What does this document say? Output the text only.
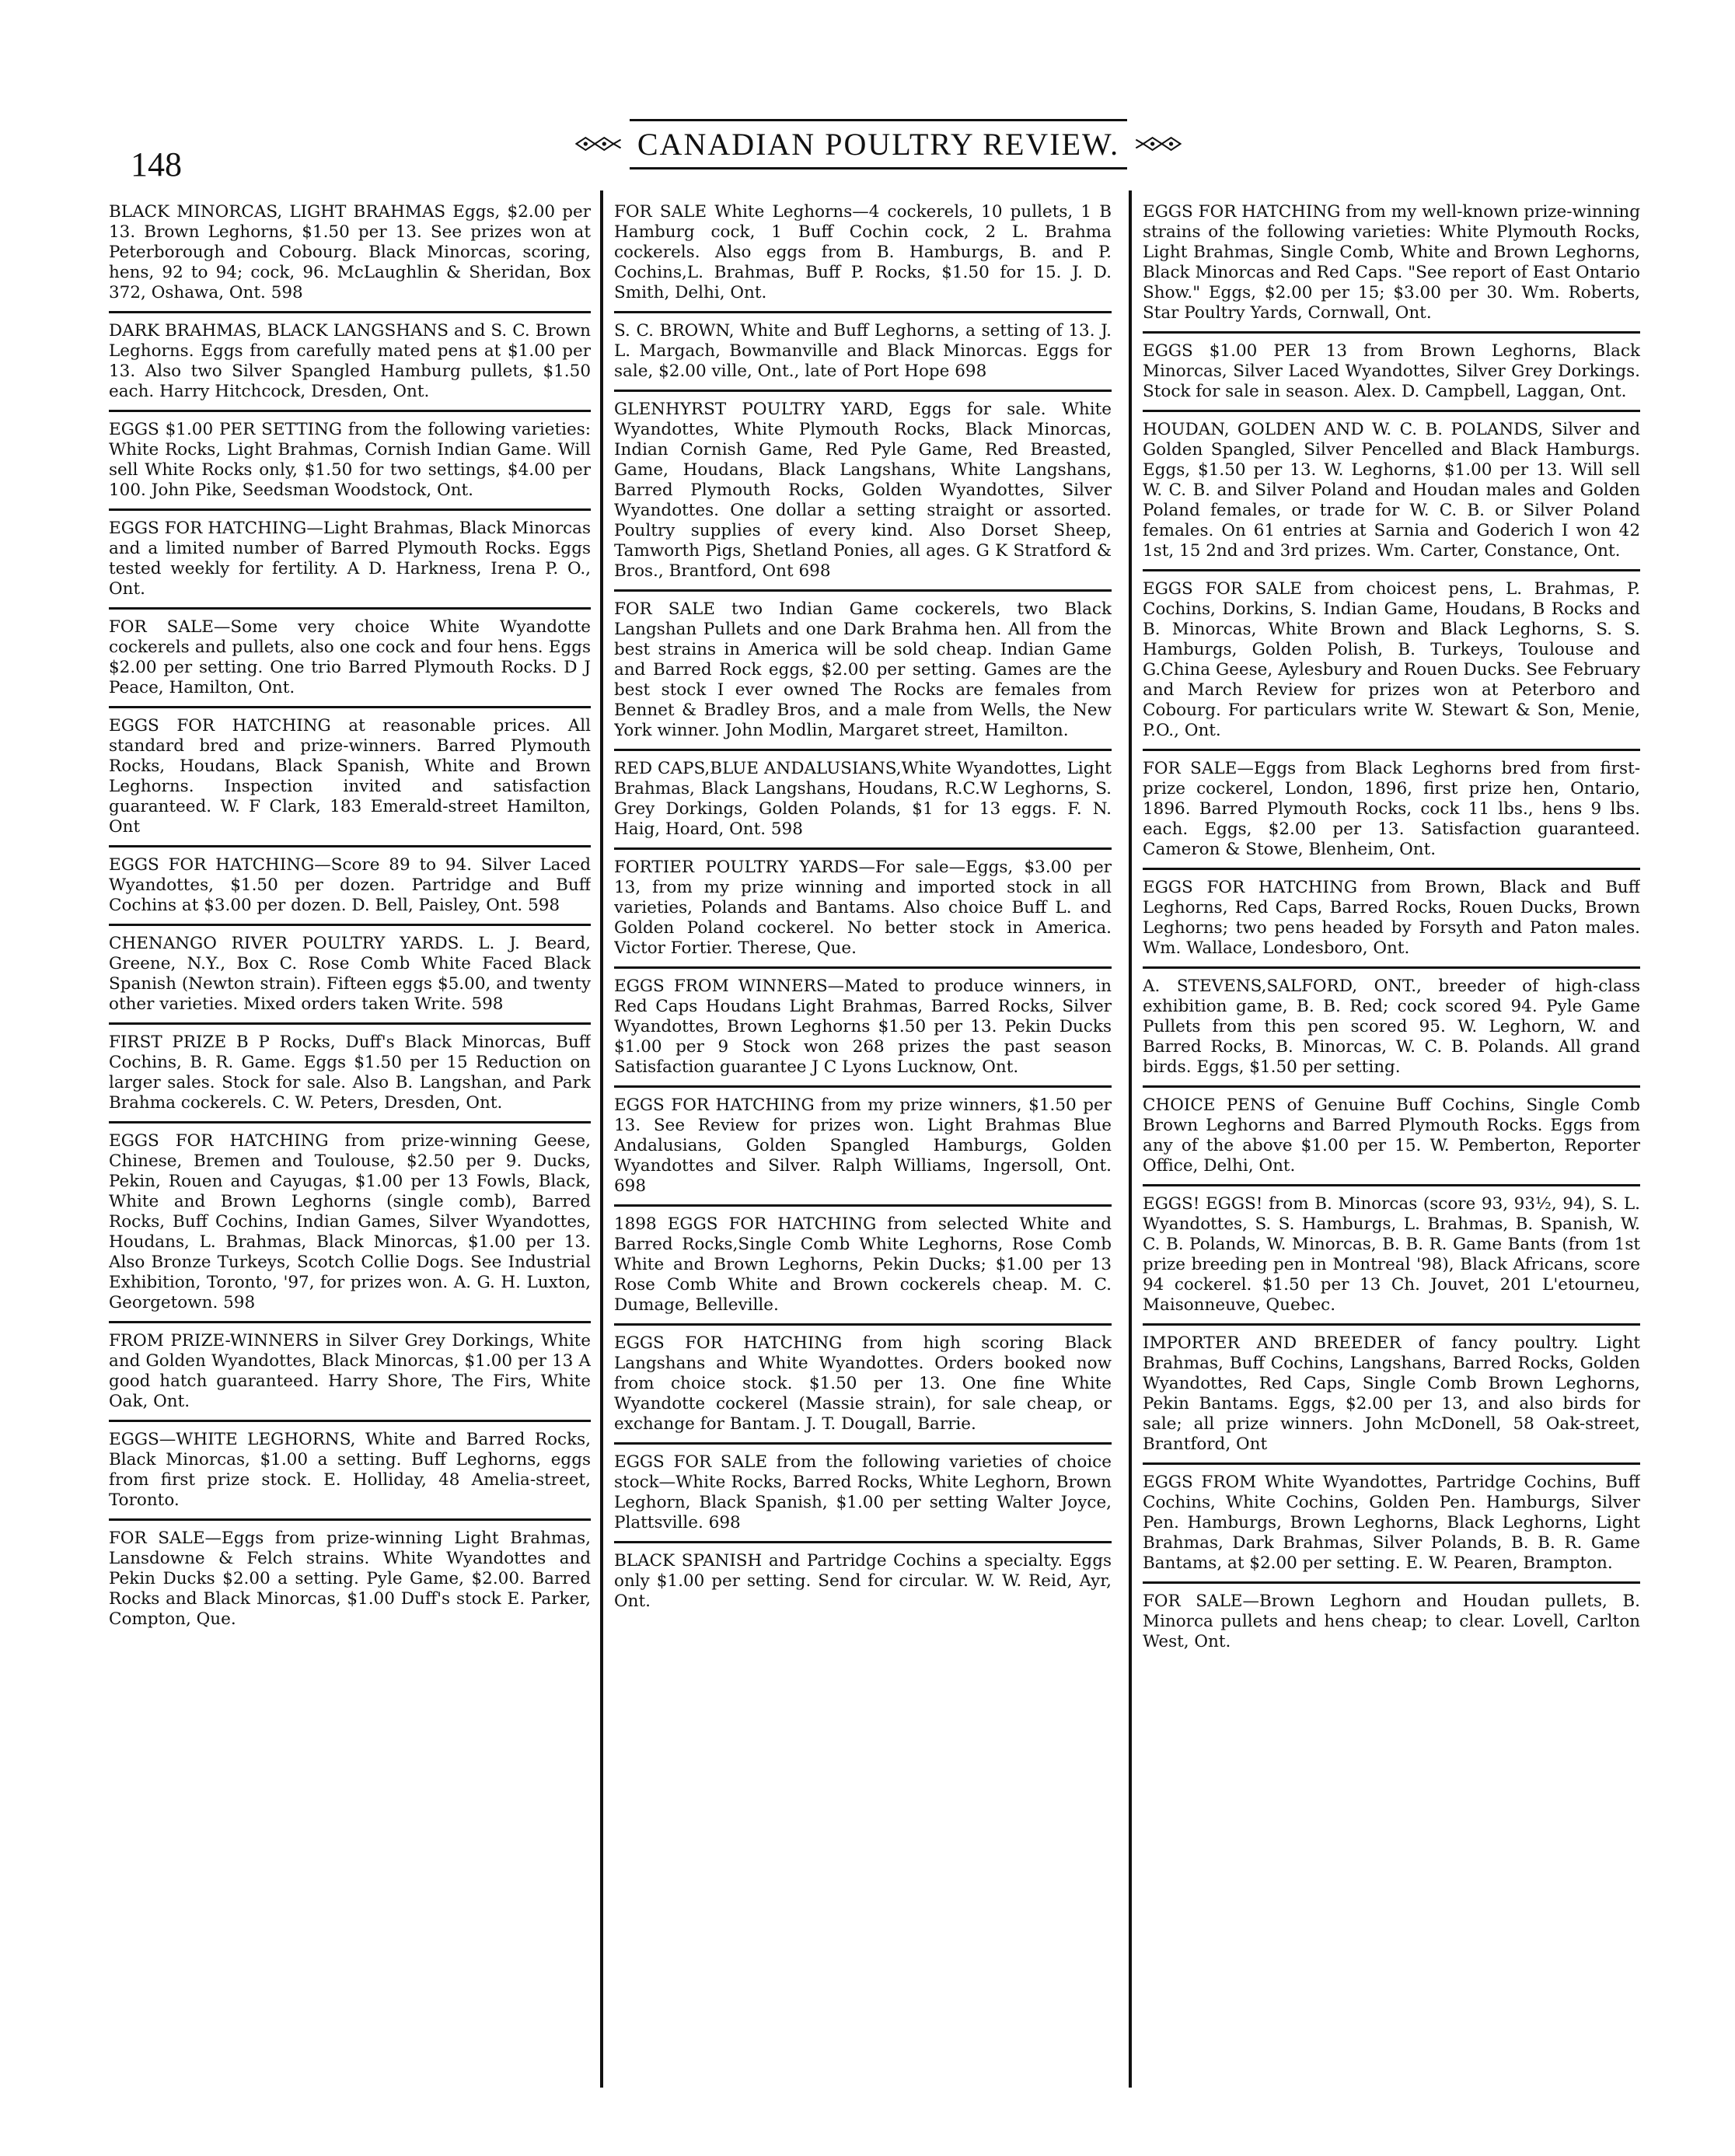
148
CANADIAN POULTRY REVIEW.

BLACK MINORCAS, LIGHT BRAHMAS Eggs, $2.00 per 13. Brown Leghorns, $1.50 per 13. See prizes won at Peterborough and Cobourg. Black Minorcas, scoring, hens, 92 to 94; cock, 96. McLaughlin & Sheridan, Box 372, Oshawa, Ont. 598

DARK BRAHMAS, BLACK LANGSHANS and S. C. Brown Leghorns. Eggs from carefully mated pens at $1.00 per 13. Also two Silver Spangled Hamburg pullets, $1.50 each. Harry Hitchcock, Dresden, Ont.

EGGS $1.00 PER SETTING from the following varieties: White Rocks, Light Brahmas, Cornish Indian Game. Will sell White Rocks only, $1.50 for two settings, $4.00 per 100. John Pike, Seedsman Woodstock, Ont.

EGGS FOR HATCHING—Light Brahmas, Black Minorcas and a limited number of Barred Plymouth Rocks. Eggs tested weekly for fertility. A D. Harkness, Irena P. O., Ont.

FOR SALE—Some very choice White Wyandotte cockerels and pullets, also one cock and four hens. Eggs $2.00 per setting. One trio Barred Plymouth Rocks. D J Peace, Hamilton, Ont.

EGGS FOR HATCHING at reasonable prices. All standard bred and prize-winners. Barred Plymouth Rocks, Houdans, Black Spanish, White and Brown Leghorns. Inspection invited and satisfaction guaranteed. W. F Clark, 183 Emerald-street Hamilton, Ont

EGGS FOR HATCHING—Score 89 to 94. Silver Laced Wyandottes, $1.50 per dozen. Partridge and Buff Cochins at $3.00 per dozen. D. Bell, Paisley, Ont. 598

CHENANGO RIVER POULTRY YARDS. L. J. Beard, Greene, N.Y., Box C. Rose Comb White Faced Black Spanish (Newton strain). Fifteen eggs $5.00, and twenty other varieties. Mixed orders taken Write. 598

FIRST PRIZE B P Rocks, Duff's Black Minorcas, Buff Cochins, B. R. Game. Eggs $1.50 per 15 Reduction on larger sales. Stock for sale. Also B. Langshan, and Park Brahma cockerels. C. W. Peters, Dresden, Ont.

EGGS FOR HATCHING from prize-winning Geese, Chinese, Bremen and Toulouse, $2.50 per 9. Ducks, Pekin, Rouen and Cayugas, $1.00 per 13 Fowls, Black, White and Brown Leghorns (single comb), Barred Rocks, Buff Cochins, Indian Games, Silver Wyandottes, Houdans, L. Brahmas, Black Minorcas, $1.00 per 13. Also Bronze Turkeys, Scotch Collie Dogs. See Industrial Exhibition, Toronto, '97, for prizes won. A. G. H. Luxton, Georgetown. 598

FROM PRIZE-WINNERS in Silver Grey Dorkings, White and Golden Wyandottes, Black Minorcas, $1.00 per 13 A good hatch guaranteed. Harry Shore, The Firs, White Oak, Ont.

EGGS—WHITE LEGHORNS, White and Barred Rocks, Black Minorcas, $1.00 a setting. Buff Leghorns, eggs from first prize stock. E. Holliday, 48 Amelia-street, Toronto.

FOR SALE—Eggs from prize-winning Light Brahmas, Lansdowne & Felch strains. White Wyandottes and Pekin Ducks $2.00 a setting. Pyle Game, $2.00. Barred Rocks and Black Minorcas, $1.00 Duff's stock E. Parker, Compton, Que.

FOR SALE White Leghorns—4 cockerels, 10 pullets, 1 B Hamburg cock, 1 Buff Cochin cock, 2 L. Brahma cockerels. Also eggs from B. Hamburgs, B. and P. Cochins,L. Brahmas, Buff P. Rocks, $1.50 for 15. J. D. Smith, Delhi, Ont.

S. C. BROWN, White and Buff Leghorns, a setting of 13. J. L. Margach, Bowmanville and Black Minorcas. Eggs for sale, $2.00 ville, Ont., late of Port Hope 698

GLENHYRST POULTRY YARD, Eggs for sale. White Wyandottes, White Plymouth Rocks, Black Minorcas, Indian Cornish Game, Red Pyle Game, Red Breasted, Game, Houdans, Black Langshans, White Langshans, Barred Plymouth Rocks, Golden Wyandottes, Silver Wyandottes. One dollar a setting straight or assorted. Poultry supplies of every kind. Also Dorset Sheep, Tamworth Pigs, Shetland Ponies, all ages. G K Stratford & Bros., Brantford, Ont 698

FOR SALE two Indian Game cockerels, two Black Langshan Pullets and one Dark Brahma hen. All from the best strains in America will be sold cheap. Indian Game and Barred Rock eggs, $2.00 per setting. Games are the best stock I ever owned The Rocks are females from Bennet & Bradley Bros, and a male from Wells, the New York winner. John Modlin, Margaret street, Hamilton.

RED CAPS,BLUE ANDALUSIANS,White Wyandottes, Light Brahmas, Black Langshans, Houdans, R.C.W Leghorns, S. Grey Dorkings, Golden Polands, $1 for 13 eggs. F. N. Haig, Hoard, Ont. 598

FORTIER POULTRY YARDS—For sale—Eggs, $3.00 per 13, from my prize winning and imported stock in all varieties, Polands and Bantams. Also choice Buff L. and Golden Poland cockerel. No better stock in America. Victor Fortier. Therese, Que.

EGGS FROM WINNERS—Mated to produce winners, in Red Caps Houdans Light Brahmas, Barred Rocks, Silver Wyandottes, Brown Leghorns $1.50 per 13. Pekin Ducks $1.00 per 9 Stock won 268 prizes the past season Satisfaction guarantee J C Lyons Lucknow, Ont.

EGGS FOR HATCHING from my prize winners, $1.50 per 13. See Review for prizes won. Light Brahmas Blue Andalusians, Golden Spangled Hamburgs, Golden Wyandottes and Silver. Ralph Williams, Ingersoll, Ont. 698

1898 EGGS FOR HATCHING from selected White and Barred Rocks,Single Comb White Leghorns, Rose Comb White and Brown Leghorns, Pekin Ducks; $1.00 per 13 Rose Comb White and Brown cockerels cheap. M. C. Dumage, Belleville.

EGGS FOR HATCHING from high scoring Black Langshans and White Wyandottes. Orders booked now from choice stock. $1.50 per 13. One fine White Wyandotte cockerel (Massie strain), for sale cheap, or exchange for Bantam. J. T. Dougall, Barrie.

EGGS FOR SALE from the following varieties of choice stock—White Rocks, Barred Rocks, White Leghorn, Brown Leghorn, Black Spanish, $1.00 per setting Walter Joyce, Plattsville. 698

BLACK SPANISH and Partridge Cochins a specialty. Eggs only $1.00 per setting. Send for circular. W. W. Reid, Ayr, Ont.

EGGS FOR HATCHING from my well-known prize-winning strains of the following varieties: White Plymouth Rocks, Light Brahmas, Single Comb, White and Brown Leghorns, Black Minorcas and Red Caps. "See report of East Ontario Show." Eggs, $2.00 per 15; $3.00 per 30. Wm. Roberts, Star Poultry Yards, Cornwall, Ont.

EGGS $1.00 PER 13 from Brown Leghorns, Black Minorcas, Silver Laced Wyandottes, Silver Grey Dorkings. Stock for sale in season. Alex. D. Campbell, Laggan, Ont.

HOUDAN, GOLDEN AND W. C. B. POLANDS, Silver and Golden Spangled, Silver Pencelled and Black Hamburgs. Eggs, $1.50 per 13. W. Leghorns, $1.00 per 13. Will sell W. C. B. and Silver Poland and Houdan males and Golden Poland females, or trade for W. C. B. or Silver Poland females. On 61 entries at Sarnia and Goderich I won 42 1st, 15 2nd and 3rd prizes. Wm. Carter, Constance, Ont.

EGGS FOR SALE from choicest pens, L. Brahmas, P. Cochins, Dorkins, S. Indian Game, Houdans, B Rocks and B. Minorcas, White Brown and Black Leghorns, S. S. Hamburgs, Golden Polish, B. Turkeys, Toulouse and G.China Geese, Aylesbury and Rouen Ducks. See February and March Review for prizes won at Peterboro and Cobourg. For particulars write W. Stewart & Son, Menie, P.O., Ont.

FOR SALE—Eggs from Black Leghorns bred from first-prize cockerel, London, 1896, first prize hen, Ontario, 1896. Barred Plymouth Rocks, cock 11 lbs., hens 9 lbs. each. Eggs, $2.00 per 13. Satisfaction guaranteed. Cameron & Stowe, Blenheim, Ont.

EGGS FOR HATCHING from Brown, Black and Buff Leghorns, Red Caps, Barred Rocks, Rouen Ducks, Brown Leghorns; two pens headed by Forsyth and Paton males. Wm. Wallace, Londesboro, Ont.

A. STEVENS,SALFORD, ONT., breeder of high-class exhibition game, B. B. Red; cock scored 94. Pyle Game Pullets from this pen scored 95. W. Leghorn, W. and Barred Rocks, B. Minorcas, W. C. B. Polands. All grand birds. Eggs, $1.50 per setting.

CHOICE PENS of Genuine Buff Cochins, Single Comb Brown Leghorns and Barred Plymouth Rocks. Eggs from any of the above $1.00 per 15. W. Pemberton, Reporter Office, Delhi, Ont.

EGGS! EGGS! from B. Minorcas (score 93, 93½, 94), S. L. Wyandottes, S. S. Hamburgs, L. Brahmas, B. Spanish, W. C. B. Polands, W. Minorcas, B. B. R. Game Bants (from 1st prize breeding pen in Montreal '98), Black Africans, score 94 cockerel. $1.50 per 13 Ch. Jouvet, 201 L'etourneu, Maisonneuve, Quebec.

IMPORTER AND BREEDER of fancy poultry. Light Brahmas, Buff Cochins, Langshans, Barred Rocks, Golden Wyandottes, Red Caps, Single Comb Brown Leghorns, Pekin Bantams. Eggs, $2.00 per 13, and also birds for sale; all prize winners. John McDonell, 58 Oak-street, Brantford, Ont

EGGS FROM White Wyandottes, Partridge Cochins, Buff Cochins, White Cochins, Golden Pen. Hamburgs, Silver Pen. Hamburgs, Brown Leghorns, Black Leghorns, Light Brahmas, Dark Brahmas, Silver Polands, B. B. R. Game Bantams, at $2.00 per setting. E. W. Pearen, Brampton.

FOR SALE—Brown Leghorn and Houdan pullets, B. Minorca pullets and hens cheap; to clear. Lovell, Carlton West, Ont.
